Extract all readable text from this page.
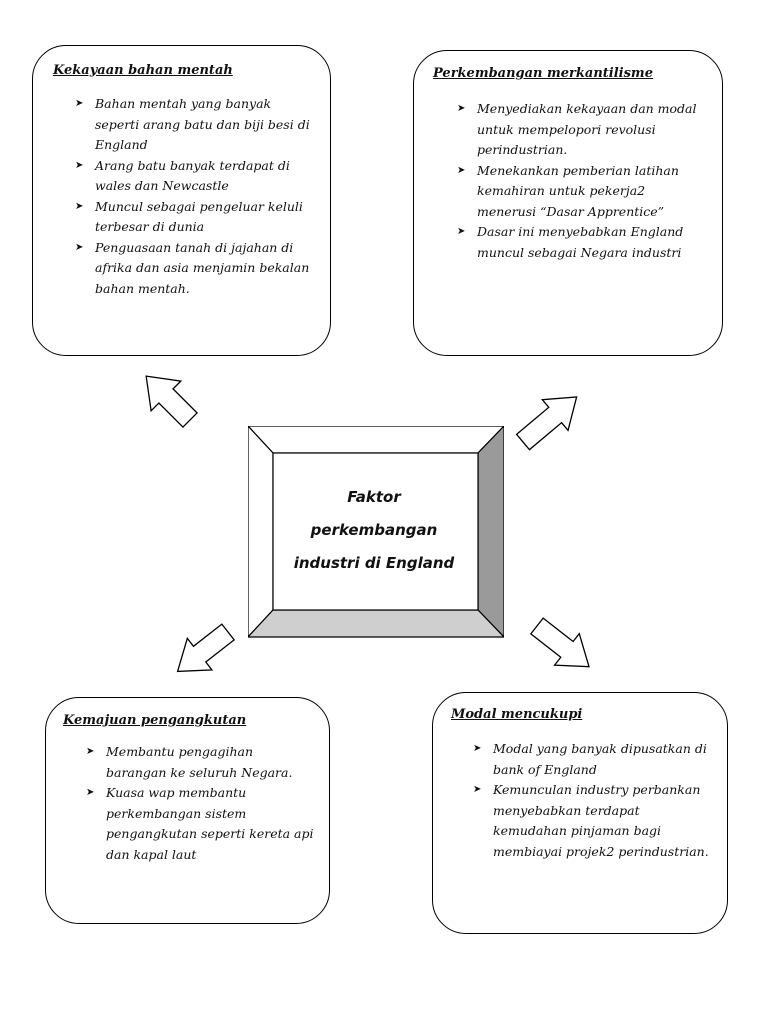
Kekayaan bahan mentah
➤ Bahan mentah yang banyak seperti arang batu dan biji besi di England
➤ Arang batu banyak terdapat di wales dan Newcastle
➤ Muncul sebagai pengeluar keluli terbesar di dunia
➤ Penguasaan tanah di jajahan di afrika dan asia menjamin bekalan bahan mentah.
Perkembangan merkantilisme
➤ Menyediakan kekayaan dan modal untuk mempelopori revolusi perindustrian.
➤ Menekankan pemberian latihan kemahiran untuk pekerja2 menerusi “Dasar Apprentice”
➤ Dasar ini menyebabkan England muncul sebagai Negara industri
Kemajuan pengangkutan
➤ Membantu pengagihan barangan ke seluruh Negara.
➤ Kuasa wap membantu perkembangan sistem pengangkutan seperti kereta api dan kapal laut
Modal mencukupi
➤ Modal yang banyak dipusatkan di bank of England
➤ Kemunculan industry perbankan menyebabkan terdapat kemudahan pinjaman bagi membiayai projek2 perindustrian.
Faktor
perkembangan
industri di England
